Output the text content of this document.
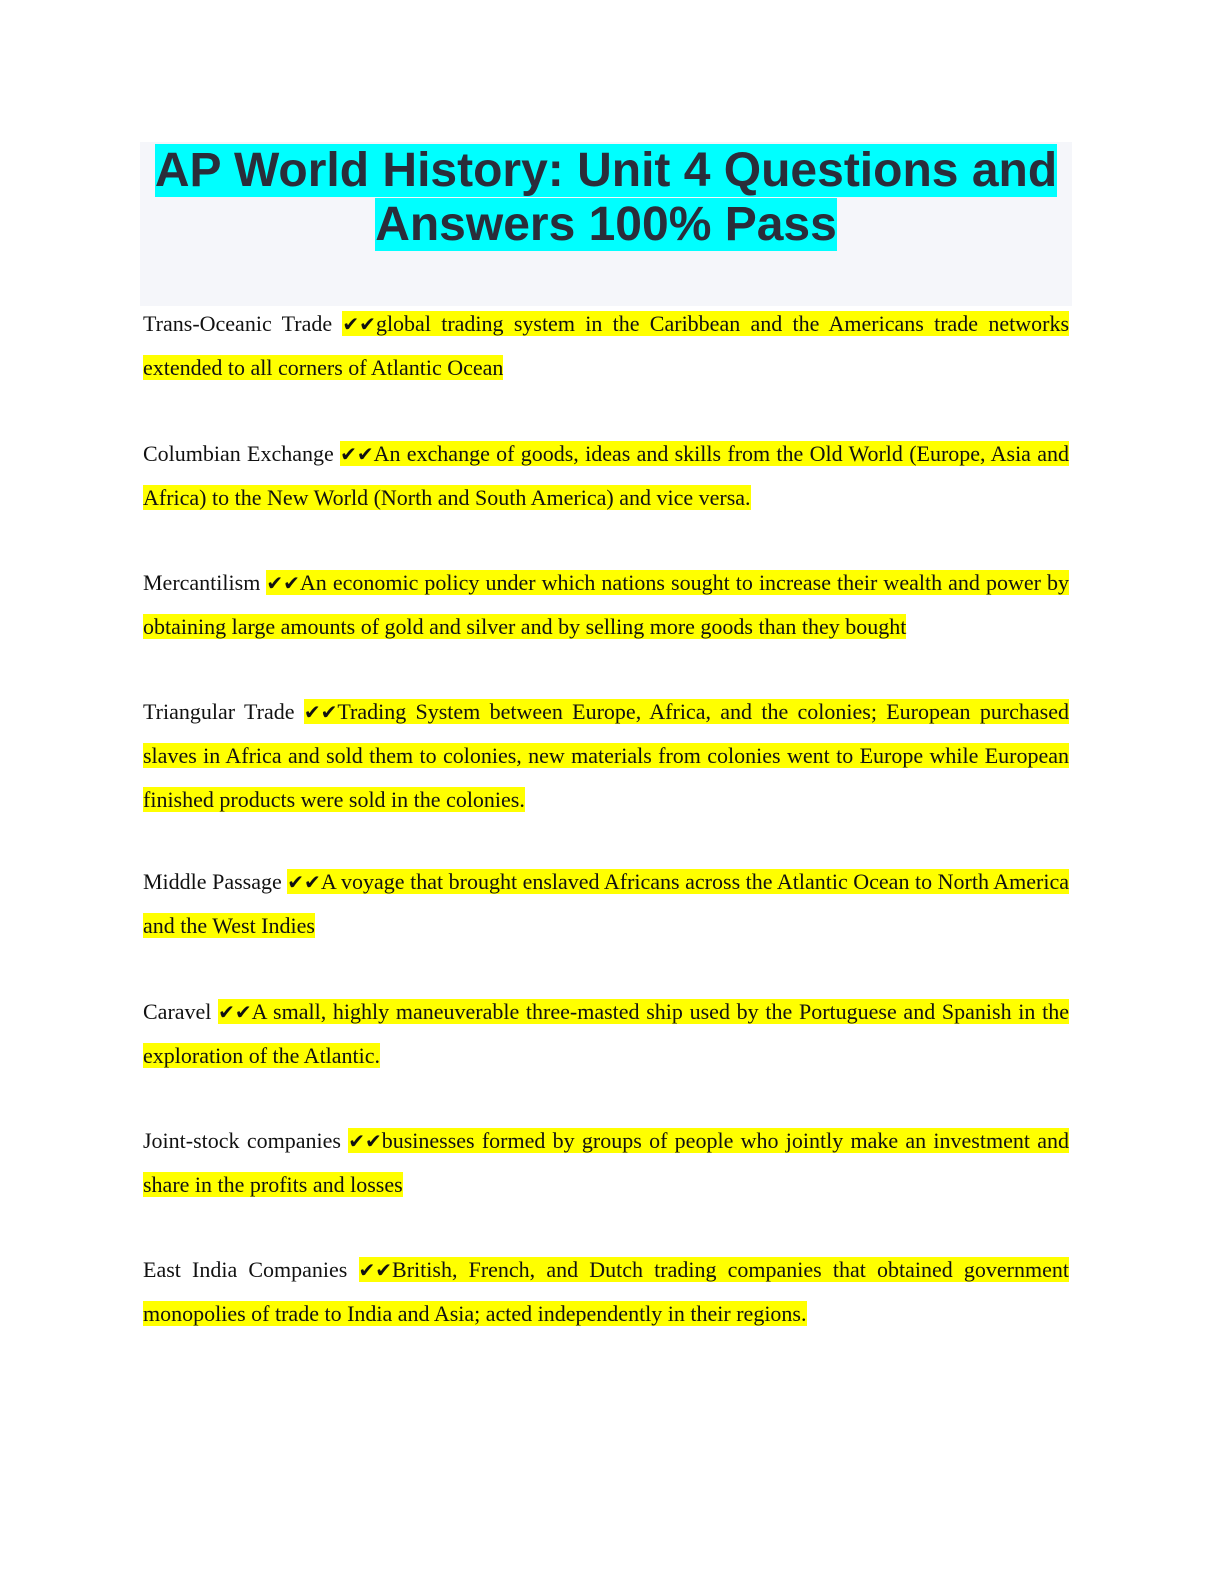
AP World History: Unit 4 Questions and Answers 100% Pass
Trans-Oceanic Trade ✔✔global trading system in the Caribbean and the Americans trade networks extended to all corners of Atlantic Ocean
Columbian Exchange ✔✔An exchange of goods, ideas and skills from the Old World (Europe, Asia and Africa) to the New World (North and South America) and vice versa.
Mercantilism ✔✔An economic policy under which nations sought to increase their wealth and power by obtaining large amounts of gold and silver and by selling more goods than they bought
Triangular Trade ✔✔Trading System between Europe, Africa, and the colonies; European purchased slaves in Africa and sold them to colonies, new materials from colonies went to Europe while European finished products were sold in the colonies.
Middle Passage ✔✔A voyage that brought enslaved Africans across the Atlantic Ocean to North America and the West Indies
Caravel ✔✔A small, highly maneuverable three-masted ship used by the Portuguese and Spanish in the exploration of the Atlantic.
Joint-stock companies ✔✔businesses formed by groups of people who jointly make an investment and share in the profits and losses
East India Companies ✔✔British, French, and Dutch trading companies that obtained government monopolies of trade to India and Asia; acted independently in their regions.
